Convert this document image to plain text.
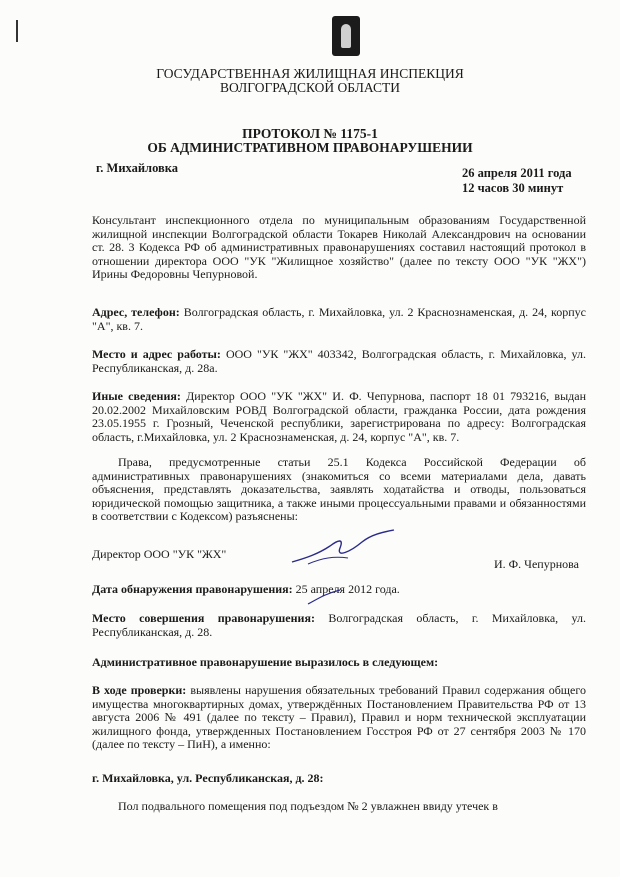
ГОСУДАРСТВЕННАЯ ЖИЛИЩНАЯ ИНСПЕКЦИЯ
ВОЛГОГРАДСКОЙ ОБЛАСТИ
ПРОТОКОЛ № 1175-1
ОБ АДМИНИСТРАТИВНОМ ПРАВОНАРУШЕНИИ
г. Михайловка	26 апреля 2011 года
12 часов 30 минут
Консультант инспекционного отдела по муниципальным образованиям Государственной жилищной инспекции Волгоградской области Токарев Николай Александрович на основании ст. 28. 3 Кодекса РФ об административных правонарушениях составил настоящий протокол в отношении директора ООО "УК "Жилищное хозяйство" (далее по тексту ООО "УК "ЖХ") Ирины Федоровны Чепурновой.
Адрес, телефон: Волгоградская область, г. Михайловка, ул. 2 Краснознаменская, д. 24, корпус "А", кв. 7.
Место и адрес работы: ООО "УК "ЖХ" 403342, Волгоградская область, г. Михайловка, ул. Республиканская, д. 28а.
Иные сведения: Директор ООО "УК "ЖХ" И. Ф. Чепурнова, паспорт 18 01 793216, выдан 20.02.2002 Михайловским РОВД Волгоградской области, гражданка России, дата рождения 23.05.1955 г. Грозный, Чеченской республики, зарегистрирована по адресу: Волгоградская область, г.Михайловка, ул. 2 Краснознаменская, д. 24, корпус "А", кв. 7.
Права, предусмотренные статьи 25.1 Кодекса Российской Федерации об административных правонарушениях (знакомиться со всеми материалами дела, давать объяснения, представлять доказательства, заявлять ходатайства и отводы, пользоваться юридической помощью защитника, а также иными процессуальными правами и обязанностями в соответствии с Кодексом) разъяснены:
Директор ООО "УК "ЖХ"
И. Ф. Чепурнова
Дата обнаружения правонарушения: 25 апреля 2012 года.
Место совершения правонарушения: Волгоградская область, г. Михайловка, ул. Республиканская, д. 28.
Административное правонарушение выразилось в следующем:
В ходе проверки: выявлены нарушения обязательных требований Правил содержания общего имущества многоквартирных домах, утверждённых Постановлением Правительства РФ от 13 августа 2006 № 491 (далее по тексту – Правил), Правил и норм технической эксплуатации жилищного фонда, утвержденных Постановлением Госстроя РФ от 27 сентября 2003 № 170 (далее по тексту – ПиН), а именно:
г. Михайловка, ул. Республиканская, д. 28:
Пол подвального помещения под подъездом № 2 увлажнен ввиду утечек в
